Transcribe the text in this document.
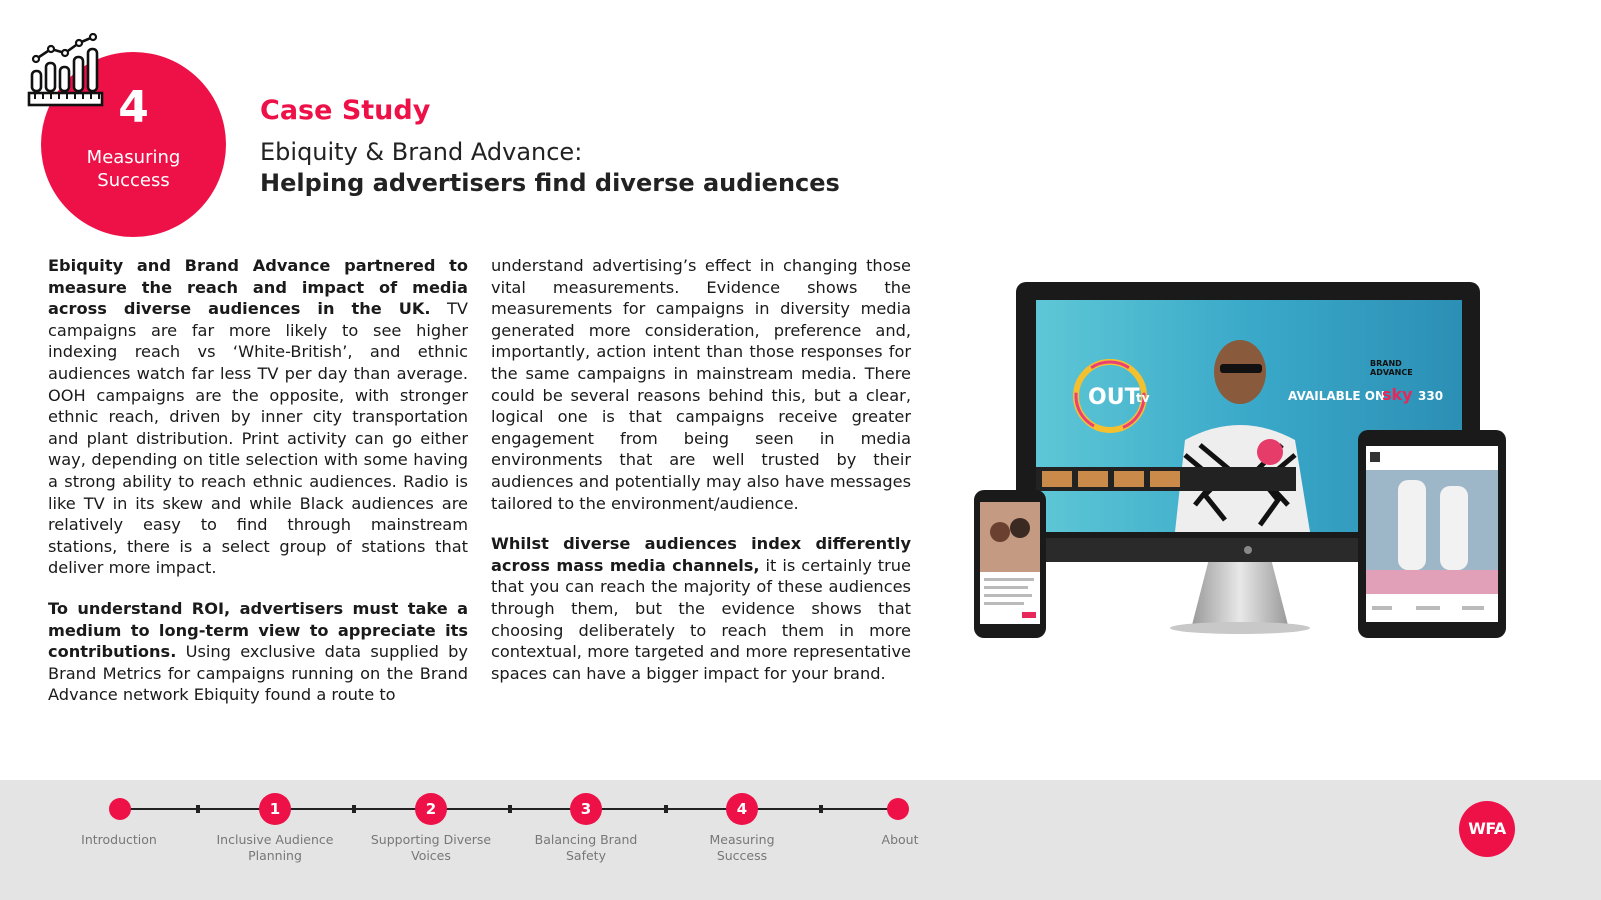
4
Measuring Success
Case Study
Ebiquity & Brand Advance:
Helping advertisers find diverse audiences

Ebiquity and Brand Advance partnered to measure the reach and impact of media across diverse audiences in the UK. TV campaigns are far more likely to see higher indexing reach vs ‘White-British’, and ethnic audiences watch far less TV per day than average. OOH campaigns are the opposite, with stronger ethnic reach, driven by inner city transportation and plant distribution. Print activity can go either way, depending on title selection with some having a strong ability to reach ethnic audiences. Radio is like TV in its skew and while Black audiences are relatively easy to find through mainstream stations, there is a select group of stations that deliver more impact.

To understand ROI, advertisers must take a medium to long-term view to appreciate its contributions. Using exclusive data supplied by Brand Metrics for campaigns running on the Brand Advance network Ebiquity found a route to

understand advertising’s effect in changing those vital measurements. Evidence shows the measurements for campaigns in diversity media generated more consideration, preference and, importantly, action intent than those responses for the same campaigns in mainstream media. There could be several reasons behind this, but a clear, logical one is that campaigns receive greater engagement from being seen in media environments that are well trusted by their audiences and potentially may also have messages tailored to the environment/audience.

Whilst diverse audiences index differently across mass media channels, it is certainly true that you can reach the majority of these audiences through them, but the evidence shows that choosing deliberately to reach them in more contextual, more targeted and more representative spaces can have a bigger impact for your brand.

OUT
tv
BRAND
ADVANCE
AVAILABLE ON
sky 330
1	2	3	4
Introduction	Inclusive Audience
Planning
Supporting Diverse
Voices
Balancing Brand
Safety
Measuring
Success
About
WFA
